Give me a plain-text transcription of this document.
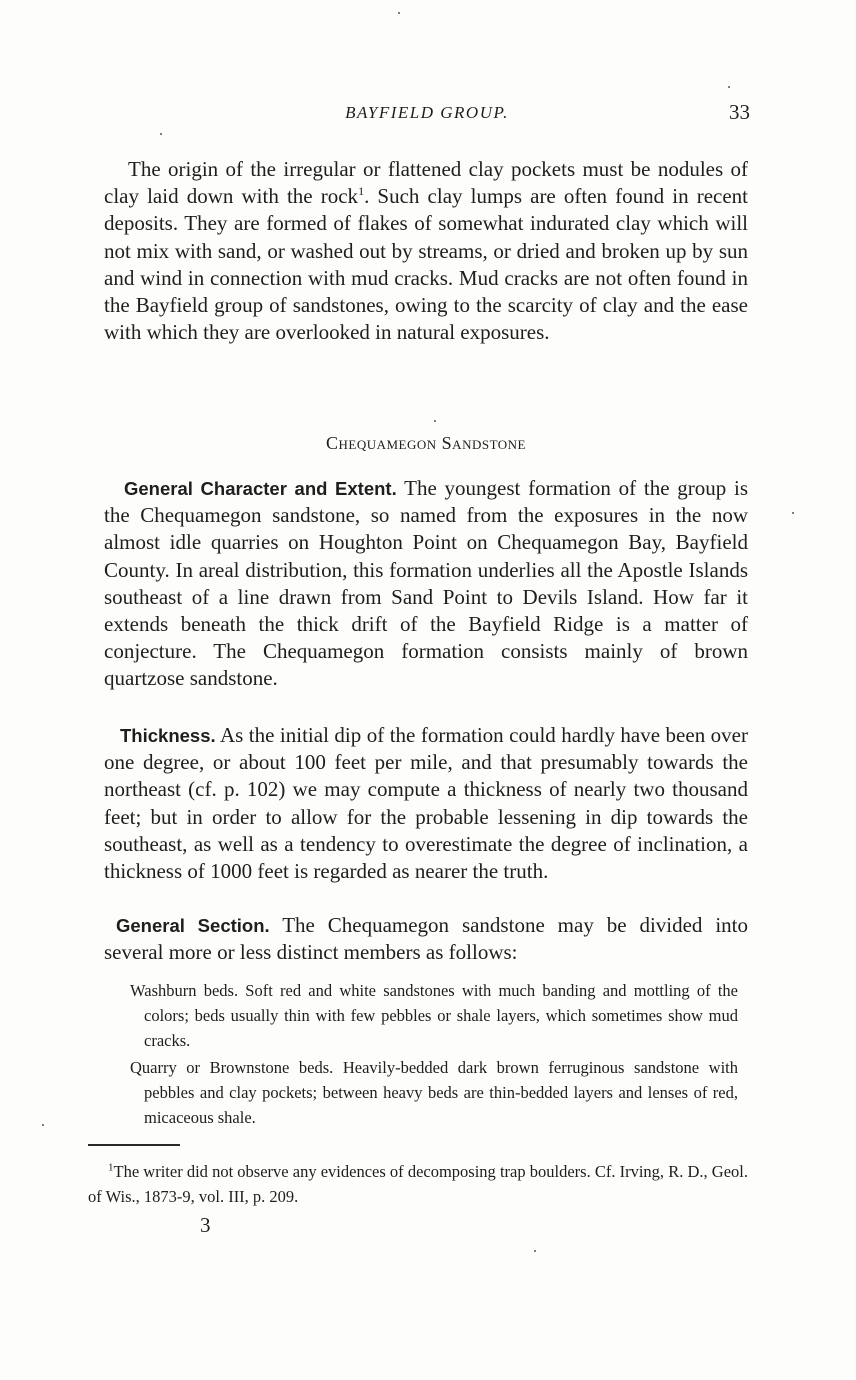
BAYFIELD GROUP.	33

The origin of the irregular or flattened clay pockets must be nodules of clay laid down with the rock$^1$. Such clay lumps are often found in recent deposits. They are formed of flakes of somewhat indurated clay which will not mix with sand, or washed out by streams, or dried and broken up by sun and wind in connection with mud cracks. Mud cracks are not often found in the Bayfield group of sandstones, owing to the scarcity of clay and the ease with which they are overlooked in natural exposures.

Chequamegon Sandstone

General Character and Extent. The youngest formation of the group is the Chequamegon sandstone, so named from the exposures in the now almost idle quarries on Houghton Point on Chequamegon Bay, Bayfield County. In areal distribution, this formation underlies all the Apostle Islands southeast of a line drawn from Sand Point to Devils Island. How far it extends beneath the thick drift of the Bayfield Ridge is a matter of conjecture. The Chequamegon formation consists mainly of brown quartzose sandstone.

Thickness. As the initial dip of the formation could hardly have been over one degree, or about 100 feet per mile, and that presumably towards the northeast (cf. p. 102) we may compute a thickness of nearly two thousand feet; but in order to allow for the probable lessening in dip towards the southeast, as well as a tendency to overestimate the degree of inclination, a thickness of 1000 feet is regarded as nearer the truth.

General Section. The Chequamegon sandstone may be divided into several more or less distinct members as follows:

Washburn beds. Soft red and white sandstones with much banding and mottling of the colors; beds usually thin with few pebbles or shale layers, which sometimes show mud cracks.

Quarry or Brownstone beds. Heavily-bedded dark brown ferruginous sandstone with pebbles and clay pockets; between heavy beds are thin-bedded layers and lenses of red, micaceous shale.

$^1$The writer did not observe any evidences of decomposing trap boulders. Cf. Irving, R. D., Geol. of Wis., 1873-9, vol. III, p. 209.

3
